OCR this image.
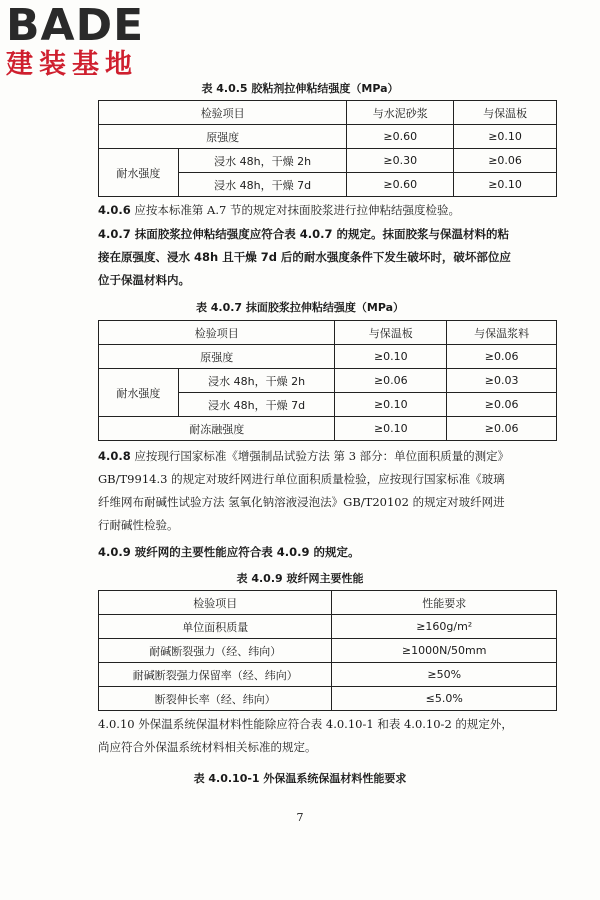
BADE
建装基地
表 4.0.5 胶粘剂拉伸粘结强度（MPa）
检验项目		与水泥砂浆	与保温板
原强度		≥0.60	≥0.10
耐水强度	浸水 48h，干燥 2h	≥0.30	≥0.06
	浸水 48h，干燥 7d	≥0.60	≥0.10
4.0.6 应按本标准第 A.7 节的规定对抹面胶浆进行拉伸粘结强度检验。
4.0.7 抹面胶浆拉伸粘结强度应符合表 4.0.7 的规定。抹面胶浆与保温材料的粘
接在原强度、浸水 48h 且干燥 7d 后的耐水强度条件下发生破坏时，破坏部位应
位于保温材料内。
表 4.0.7 抹面胶浆拉伸粘结强度（MPa）
检验项目		与保温板	与保温浆料
原强度		≥0.10	≥0.06
耐水强度	浸水 48h，干燥 2h	≥0.06	≥0.03
	浸水 48h，干燥 7d	≥0.10	≥0.06
耐冻融强度		≥0.10	≥0.06
4.0.8 应按现行国家标准《增强制品试验方法 第 3 部分：单位面积质量的测定》
GB/T9914.3 的规定对玻纤网进行单位面积质量检验，应按现行国家标准《玻璃
纤维网布耐碱性试验方法 氢氧化钠溶液浸泡法》GB/T20102 的规定对玻纤网进
行耐碱性检验。
4.0.9 玻纤网的主要性能应符合表 4.0.9 的规定。
表 4.0.9 玻纤网主要性能
检验项目	性能要求
单位面积质量	≥160g/m²
耐碱断裂强力（经、纬向）	≥1000N/50mm
耐碱断裂强力保留率（经、纬向）	≥50%
断裂伸长率（经、纬向）	≤5.0%
4.0.10 外保温系统保温材料性能除应符合表 4.0.10-1 和表 4.0.10-2 的规定外，
尚应符合外保温系统材料相关标准的规定。
表 4.0.10-1 外保温系统保温材料性能要求
7
